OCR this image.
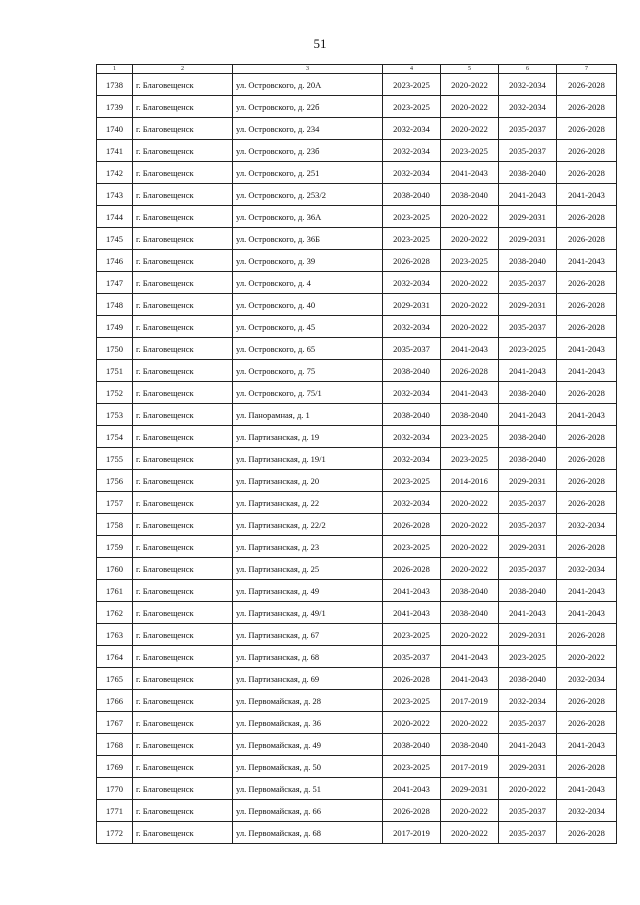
51
1	2	3	4	5	6	7
1738	г. Благовещенск	ул. Островского, д. 20А	2023-2025	2020-2022	2032-2034	2026-2028
1739	г. Благовещенск	ул. Островского, д. 22б	2023-2025	2020-2022	2032-2034	2026-2028
1740	г. Благовещенск	ул. Островского, д. 234	2032-2034	2020-2022	2035-2037	2026-2028
1741	г. Благовещенск	ул. Островского, д. 23б	2032-2034	2023-2025	2035-2037	2026-2028
1742	г. Благовещенск	ул. Островского, д. 251	2032-2034	2041-2043	2038-2040	2026-2028
1743	г. Благовещенск	ул. Островского, д. 253/2	2038-2040	2038-2040	2041-2043	2041-2043
1744	г. Благовещенск	ул. Островского, д. 36А	2023-2025	2020-2022	2029-2031	2026-2028
1745	г. Благовещенск	ул. Островского, д. 36Б	2023-2025	2020-2022	2029-2031	2026-2028
1746	г. Благовещенск	ул. Островского, д. 39	2026-2028	2023-2025	2038-2040	2041-2043
1747	г. Благовещенск	ул. Островского, д. 4	2032-2034	2020-2022	2035-2037	2026-2028
1748	г. Благовещенск	ул. Островского, д. 40	2029-2031	2020-2022	2029-2031	2026-2028
1749	г. Благовещенск	ул. Островского, д. 45	2032-2034	2020-2022	2035-2037	2026-2028
1750	г. Благовещенск	ул. Островского, д. 65	2035-2037	2041-2043	2023-2025	2041-2043
1751	г. Благовещенск	ул. Островского, д. 75	2038-2040	2026-2028	2041-2043	2041-2043
1752	г. Благовещенск	ул. Островского, д. 75/1	2032-2034	2041-2043	2038-2040	2026-2028
1753	г. Благовещенск	ул. Панорамная, д. 1	2038-2040	2038-2040	2041-2043	2041-2043
1754	г. Благовещенск	ул. Партизанская, д. 19	2032-2034	2023-2025	2038-2040	2026-2028
1755	г. Благовещенск	ул. Партизанская, д. 19/1	2032-2034	2023-2025	2038-2040	2026-2028
1756	г. Благовещенск	ул. Партизанская, д. 20	2023-2025	2014-2016	2029-2031	2026-2028
1757	г. Благовещенск	ул. Партизанская, д. 22	2032-2034	2020-2022	2035-2037	2026-2028
1758	г. Благовещенск	ул. Партизанская, д. 22/2	2026-2028	2020-2022	2035-2037	2032-2034
1759	г. Благовещенск	ул. Партизанская, д. 23	2023-2025	2020-2022	2029-2031	2026-2028
1760	г. Благовещенск	ул. Партизанская, д. 25	2026-2028	2020-2022	2035-2037	2032-2034
1761	г. Благовещенск	ул. Партизанская, д. 49	2041-2043	2038-2040	2038-2040	2041-2043
1762	г. Благовещенск	ул. Партизанская, д. 49/1	2041-2043	2038-2040	2041-2043	2041-2043
1763	г. Благовещенск	ул. Партизанская, д. 67	2023-2025	2020-2022	2029-2031	2026-2028
1764	г. Благовещенск	ул. Партизанская, д. 68	2035-2037	2041-2043	2023-2025	2020-2022
1765	г. Благовещенск	ул. Партизанская, д. 69	2026-2028	2041-2043	2038-2040	2032-2034
1766	г. Благовещенск	ул. Первомайская, д. 28	2023-2025	2017-2019	2032-2034	2026-2028
1767	г. Благовещенск	ул. Первомайская, д. 36	2020-2022	2020-2022	2035-2037	2026-2028
1768	г. Благовещенск	ул. Первомайская, д. 49	2038-2040	2038-2040	2041-2043	2041-2043
1769	г. Благовещенск	ул. Первомайская, д. 50	2023-2025	2017-2019	2029-2031	2026-2028
1770	г. Благовещенск	ул. Первомайская, д. 51	2041-2043	2029-2031	2020-2022	2041-2043
1771	г. Благовещенск	ул. Первомайская, д. 66	2026-2028	2020-2022	2035-2037	2032-2034
1772	г. Благовещенск	ул. Первомайская, д. 68	2017-2019	2020-2022	2035-2037	2026-2028
